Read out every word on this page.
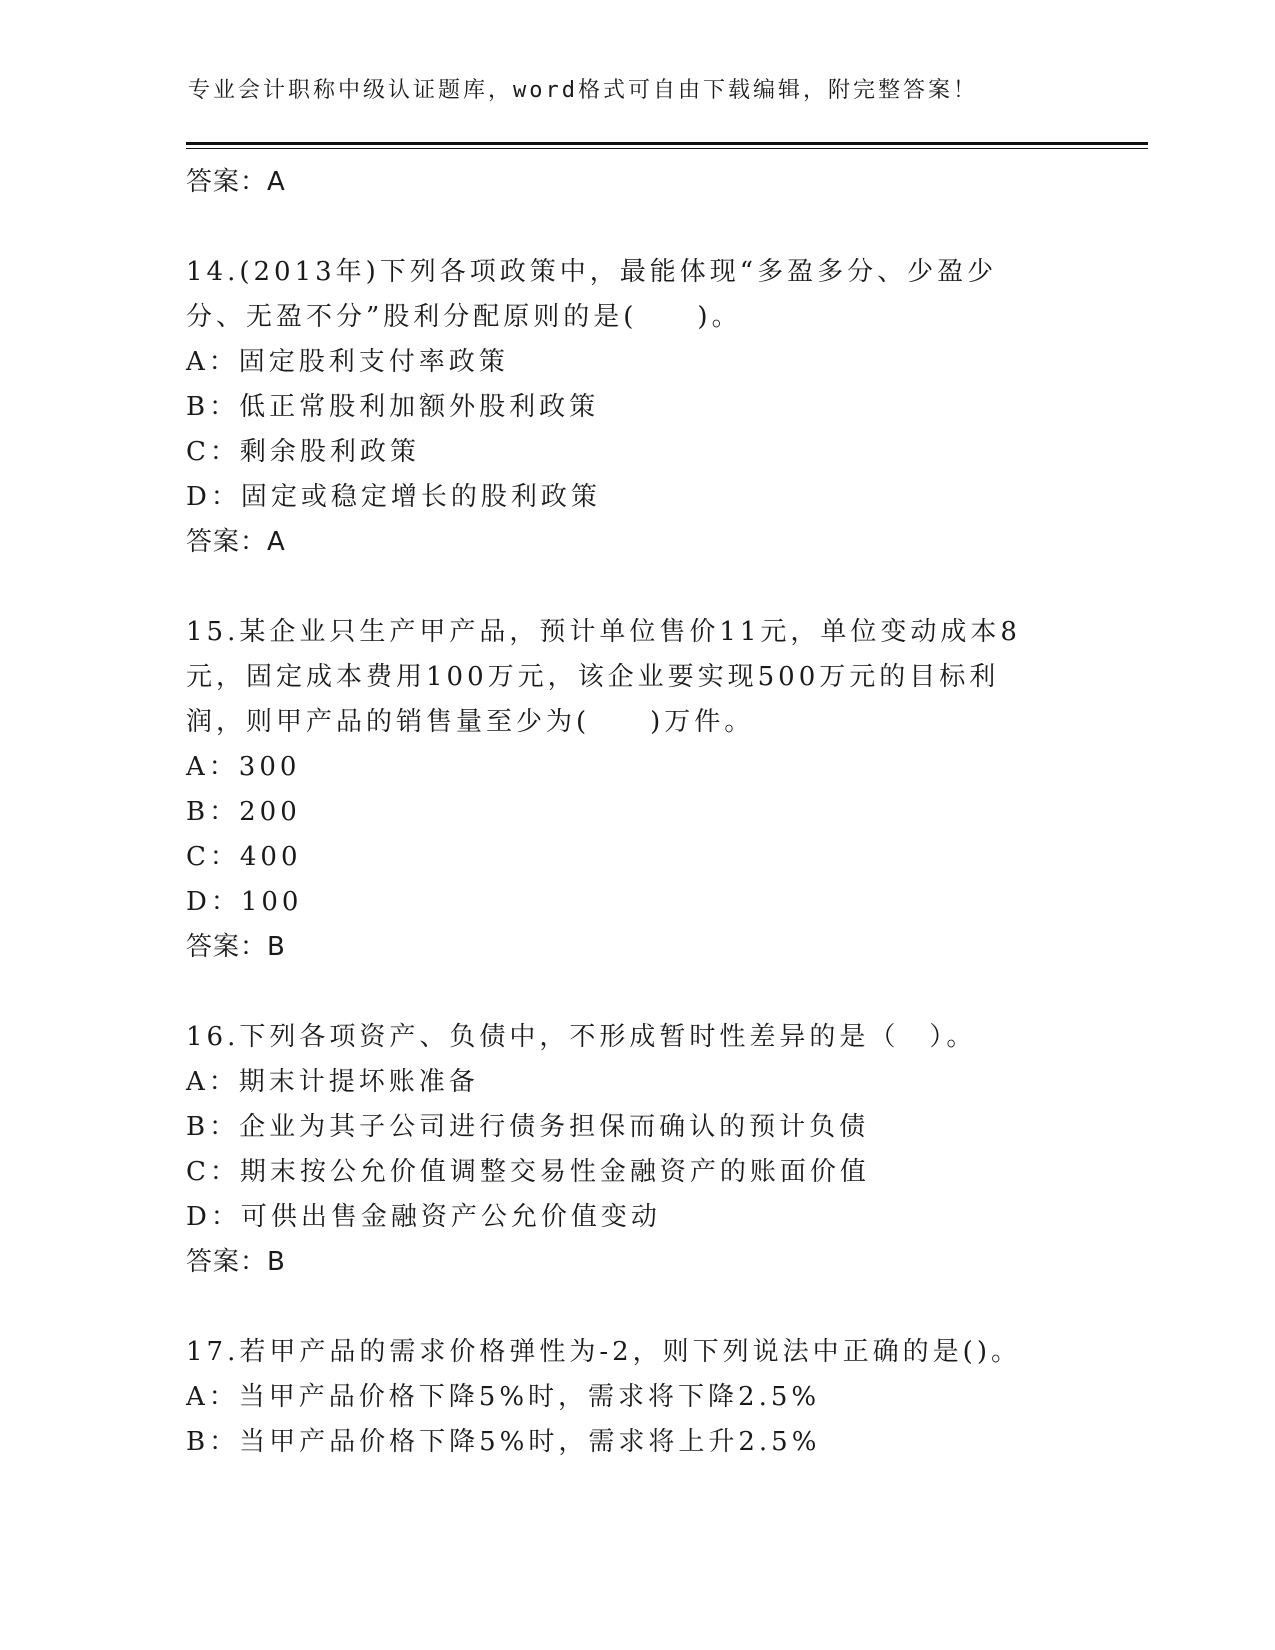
专业会计职称中级认证题库，word格式可自由下载编辑，附完整答案！
答案：A
14.(2013年)下列各项政策中，最能体现“多盈多分、少盈少分、无盈不分”股利分配原则的是(　　)。
A：固定股利支付率政策
B：低正常股利加额外股利政策
C：剩余股利政策
D：固定或稳定增长的股利政策
答案：A
15.某企业只生产甲产品，预计单位售价11元，单位变动成本8元，固定成本费用100万元，该企业要实现500万元的目标利润，则甲产品的销售量至少为(　　)万件。
A：300
B：200
C：400
D：100
答案：B
16.下列各项资产、负债中，不形成暂时性差异的是（　）。
A：期末计提坏账准备
B：企业为其子公司进行债务担保而确认的预计负债
C：期末按公允价值调整交易性金融资产的账面价值
D：可供出售金融资产公允价值变动
答案：B
17.若甲产品的需求价格弹性为-2，则下列说法中正确的是()。
A：当甲产品价格下降5%时，需求将下降2.5%
B：当甲产品价格下降5%时，需求将上升2.5%
